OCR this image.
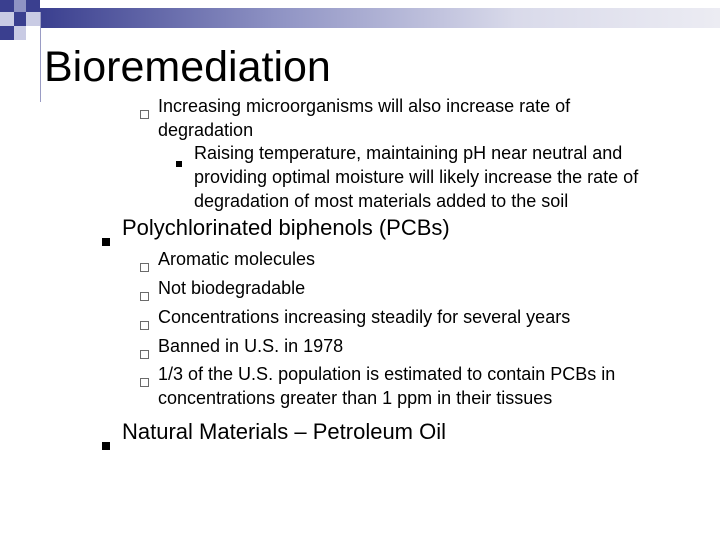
Bioremediation
Increasing microorganisms will also increase rate of
degradation
Raising temperature, maintaining pH near neutral and
providing optimal moisture will likely increase the rate of
degradation of most materials added to the soil
Polychlorinated biphenols (PCBs)
Aromatic molecules
Not biodegradable
Concentrations increasing steadily for several years
Banned in U.S. in 1978
1/3 of the U.S. population is estimated to contain PCBs in
concentrations greater than 1 ppm in their tissues
Natural Materials – Petroleum Oil
